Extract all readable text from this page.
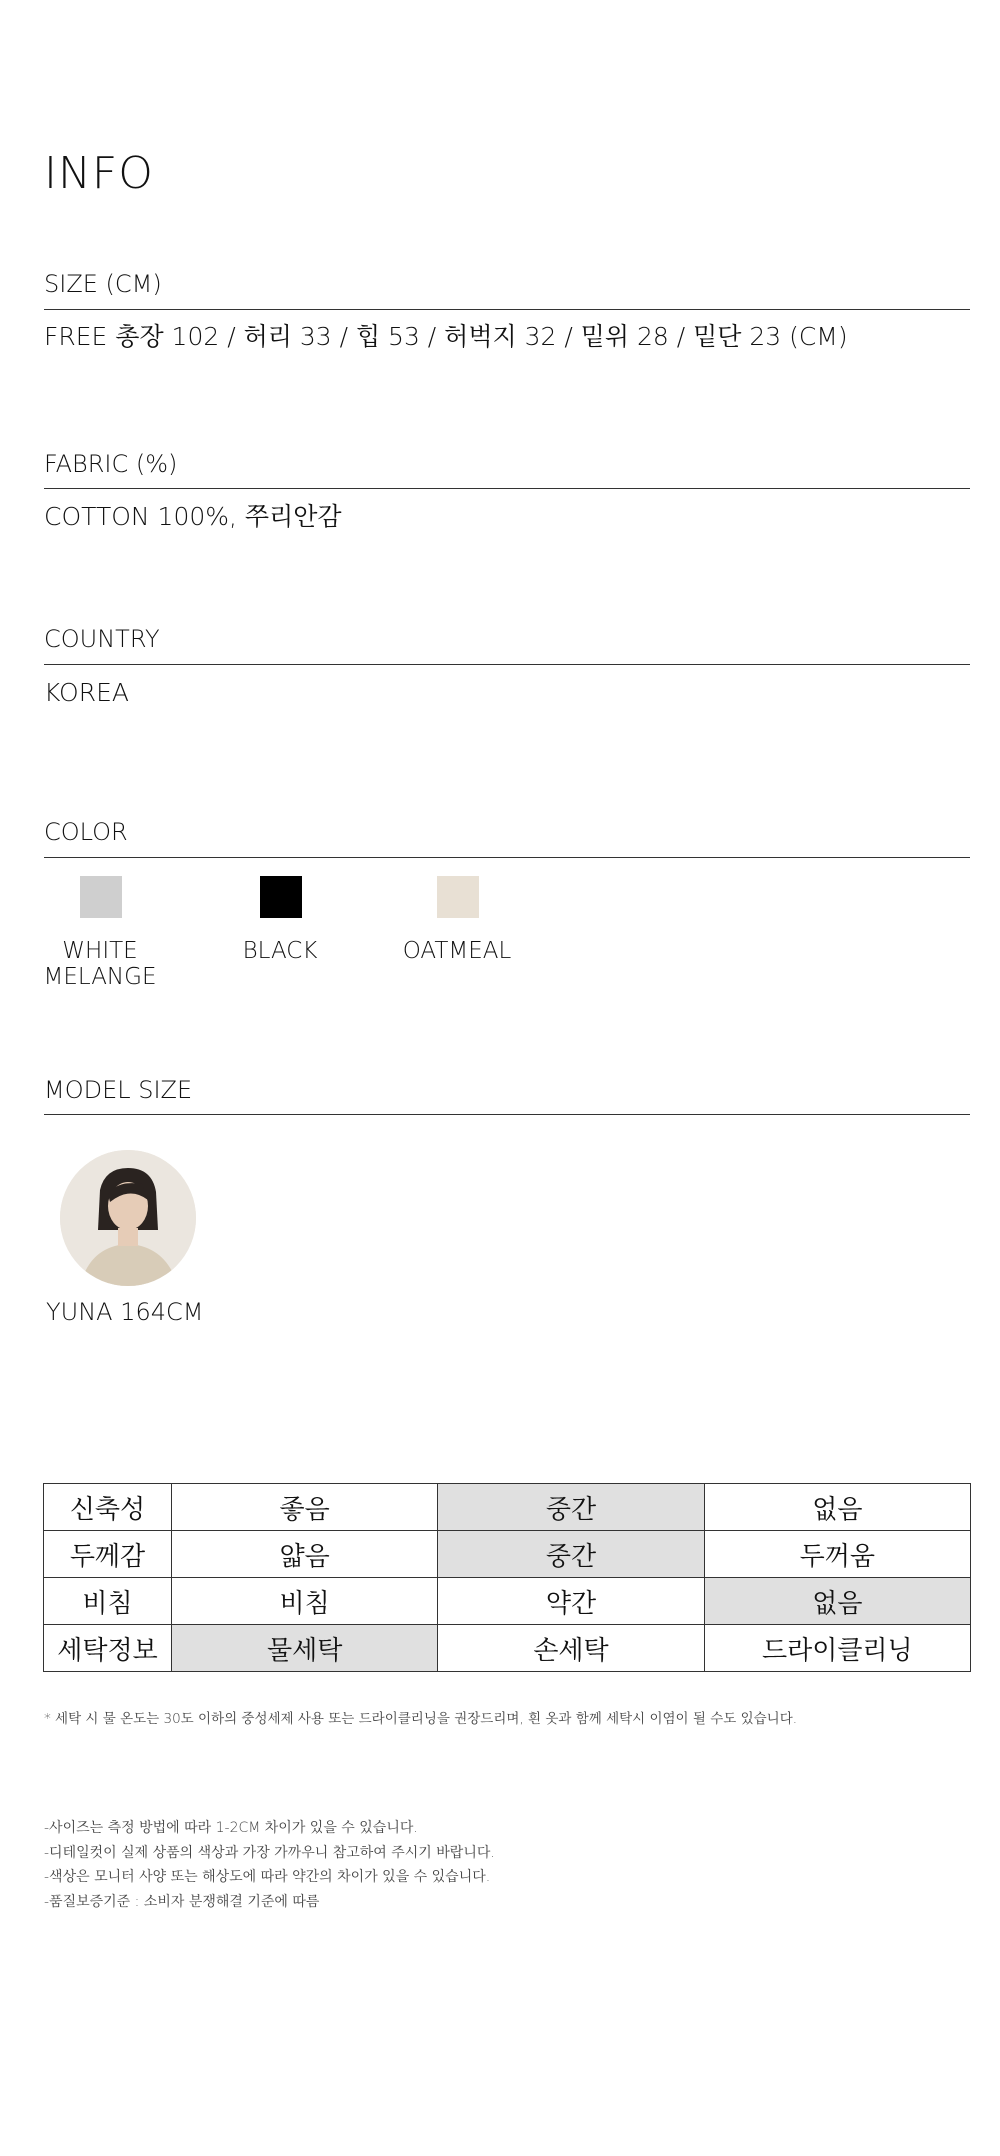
INFO
SIZE (CM)
FREE 총장 102 / 허리 33 / 힙 53 / 허벅지 32 / 밑위 28 / 밑단 23 (CM)
FABRIC (%)
COTTON 100%, 쭈리안감
COUNTRY
KOREA
COLOR
WHITE
MELANGE
BLACK	OATMEAL
MODEL SIZE
YUNA 164CM
신축성	좋음	중간	없음
두께감	얇음	중간	두꺼움
비침	비침	약간	없음
세탁정보	물세탁	손세탁	드라이클리닝
* 세탁 시 물 온도는 30도 이하의 중성세제 사용 또는 드라이클리닝을 권장드리며, 흰 옷과 함께 세탁시 이염이 될 수도 있습니다.
-사이즈는 측정 방법에 따라 1-2CM 차이가 있을 수 있습니다.
-디테일컷이 실제 상품의 색상과 가장 가까우니 참고하여 주시기 바랍니다.
-색상은 모니터 사양 또는 해상도에 따라 약간의 차이가 있을 수 있습니다.
-품질보증기준 : 소비자 분쟁해결 기준에 따름
